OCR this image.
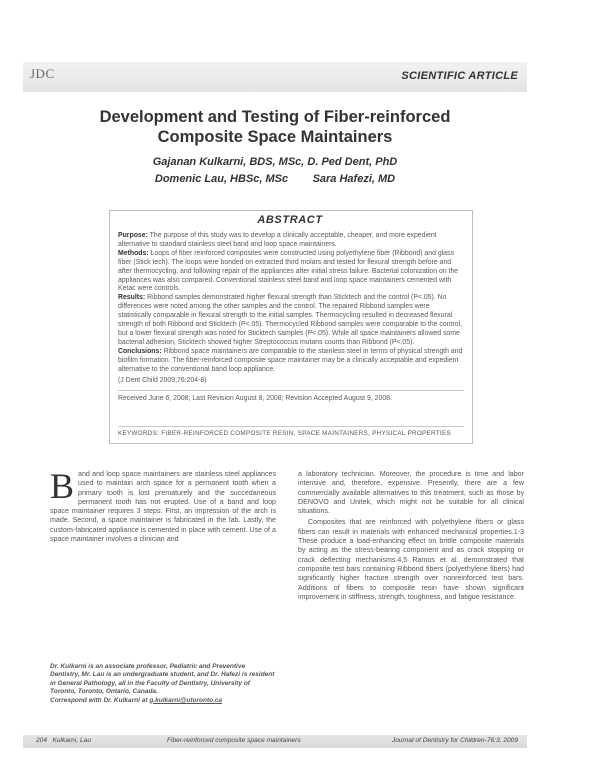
JDC	SCIENTIFIC ARTICLE
Development and Testing of Fiber-reinforced
Composite Space Maintainers
Gajanan Kulkarni, BDS, MSc, D. Ped Dent, PhD
Domenic Lau, HBSc, MSc        Sara Hafezi, MD
ABSTRACT

Purpose: The purpose of this study was to develop a clinically acceptable, cheaper, and more expedient alternative to standard stainless steel band and loop space maintainers.

Methods: Loops of fiber reinforced composites were constructed using polyethylene fiber (Ribbond) and glass fiber (Stick tech). The loops were bonded on extracted third molars and tested for flexural strength before and after thermocycling, and following repair of the appliances after initial stress failure. Bacterial colonization on the appliances was also compared. Conventional stainless steel band and loop space maintainers cemented with Ketac were controls.

Results: Ribbond samples demonstrated higher flexural strength than Sticktech and the control (P<.05). No differences were noted among the other samples and the control. The repaired Ribbond samples were statistically comparable in flexural strength to the initial samples. Thermocycling resulted in decreased flexural strength of both Ribbond and Sticktech (P<.05). Thermocycled Ribbond samples were comparable to the control, but a lower flexural strength was noted for Sticktech samples (P<.05). While all space maintainers allowed some bacterial adhesion, Sticktech showed higher Streptococcus mutans counts than Ribbond (P<.05).

Conclusions: Ribbond space maintainers are comparable to the stainless steel in terms of physical strength and biofilm formation. The fiber-reinforced composite space maintainer may be a clinically acceptable and expedient alternative to the conventional band loop appliance.

(J Dent Child 2009;76:204-8)

Received June 6, 2008; Last Revision August 8, 2008; Revision Accepted August 9, 2008.

KEYWORDS: FIBER-REINFORCED COMPOSITE RESIN, SPACE MAINTAINERS, PHYSICAL PROPERTIES

B and and loop space maintainers are stainless steel appliances used to maintain arch space for a permanent tooth when a primary tooth is lost prematurely and the succedaneous permanent tooth has not erupted. Use of a band and loop space maintainer requires 3 steps. First, an impression of the arch is made. Second, a space maintainer is fabricated in the lab. Lastly, the custom-fabricated appliance is cemented in place with cement. Use of a space maintainer involves a clinician and

a laboratory technician. Moreover, the procedure is time and labor intensive and, therefore, expensive. Presently, there are a few commercially available alternatives to this treatment, such as those by DENOVO and Unitek, which might not be suitable for all clinical situations.

Composites that are reinforced with polyethylene fibers or glass fibers can result in materials with enhanced mechanical properties.1-3 These produce a load-enhancing effect on brittle composite materials by acting as the stress-bearing component and as crack stopping or crack deflecting mechanisms.4,5 Ramos et al. demonstrated that composite test bars containing Ribbond fibers (polyethylene fibers) had significantly higher fracture strength over nonreinforced test bars. Additions of fibers to composite resin have shown significant improvement in stiffness, strength, toughness, and fatigue resistance.

Dr. Kulkarni is an associate professor, Pediatric and Preventive Dentistry, Mr. Lau is an undergraduate student, and Dr. Hafezi is resident in General Pathology, all in the Faculty of Dentistry, University of Toronto, Toronto, Ontario, Canada.

Correspond with Dr. Kulkarni at g.kulkarni@utoronto.ca

204   Kulkarni, Lau	Fiber-reinforced composite space maintainers	Journal of Dentistry for Children-76:3, 2009
